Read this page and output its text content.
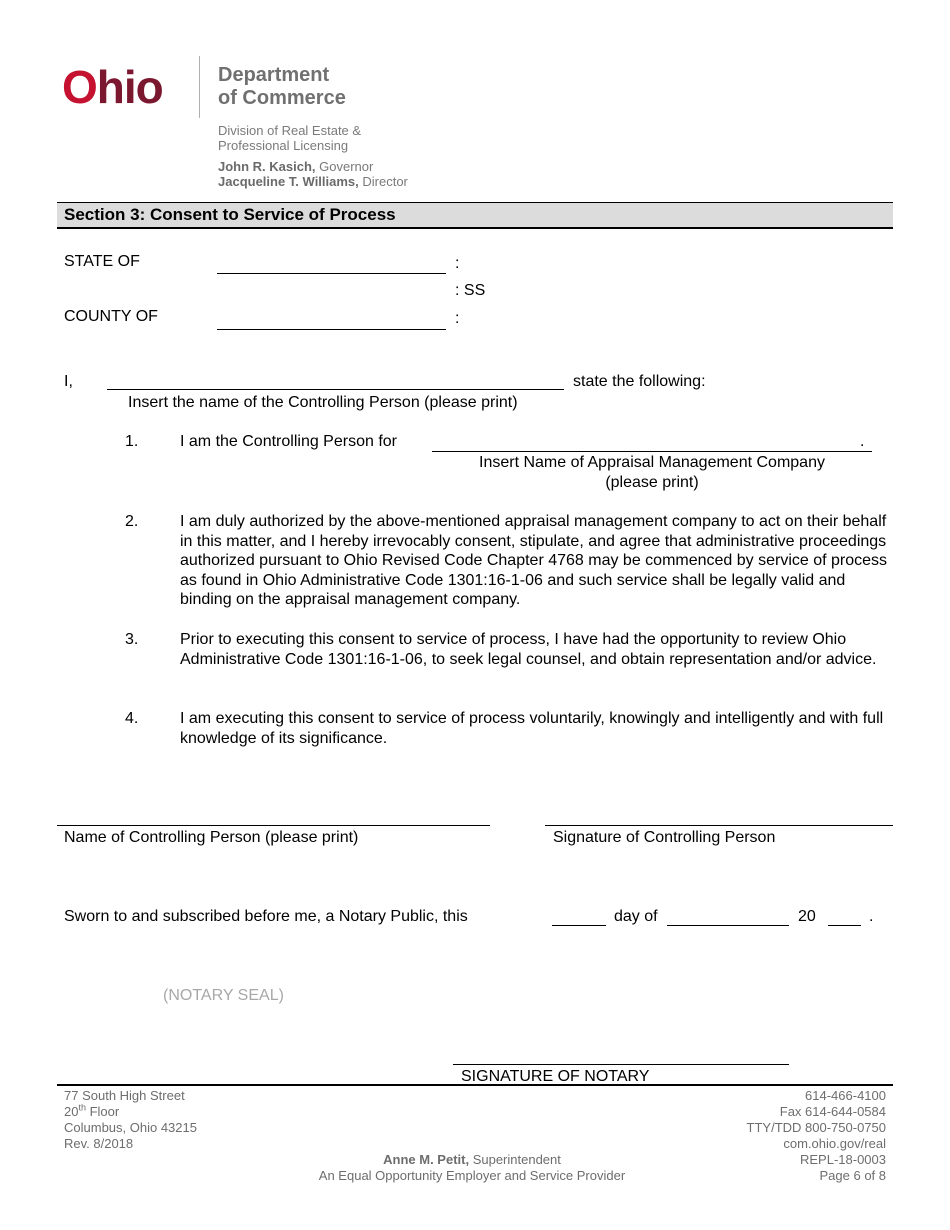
Ohio	Department
of Commerce
Division of Real Estate &
Professional Licensing
John R. Kasich, Governor
Jacqueline T. Williams, Director
Section 3: Consent to Service of Process
STATE OF	:
: SS
COUNTY OF	:
I,	state the following:
Insert the name of the Controlling Person (please print)
1.	I am the Controlling Person for	.
Insert Name of Appraisal Management Company
(please print)
2.	I am duly authorized by the above-mentioned appraisal management company to act on their behalf in this matter, and I hereby irrevocably consent, stipulate, and agree that administrative proceedings authorized pursuant to Ohio Revised Code Chapter 4768 may be commenced by service of process as found in Ohio Administrative Code 1301:16-1-06 and such service shall be legally valid and binding on the appraisal management company.
3.	Prior to executing this consent to service of process, I have had the opportunity to review Ohio Administrative Code 1301:16-1-06, to seek legal counsel, and obtain representation and/or advice.
4.	I am executing this consent to service of process voluntarily, knowingly and intelligently and with full knowledge of its significance.
Name of Controlling Person (please print)	Signature of Controlling Person
Sworn to and subscribed before me, a Notary Public, this	day of	20	.
(NOTARY SEAL)
SIGNATURE OF NOTARY
77 South High Street
20th Floor
Columbus, Ohio 43215
Rev. 8/2018
614-466-4100
Fax 614-644-0584
TTY/TDD 800-750-0750
com.ohio.gov/real
REPL-18-0003
Page 6 of 8
Anne M. Petit, Superintendent
An Equal Opportunity Employer and Service Provider
